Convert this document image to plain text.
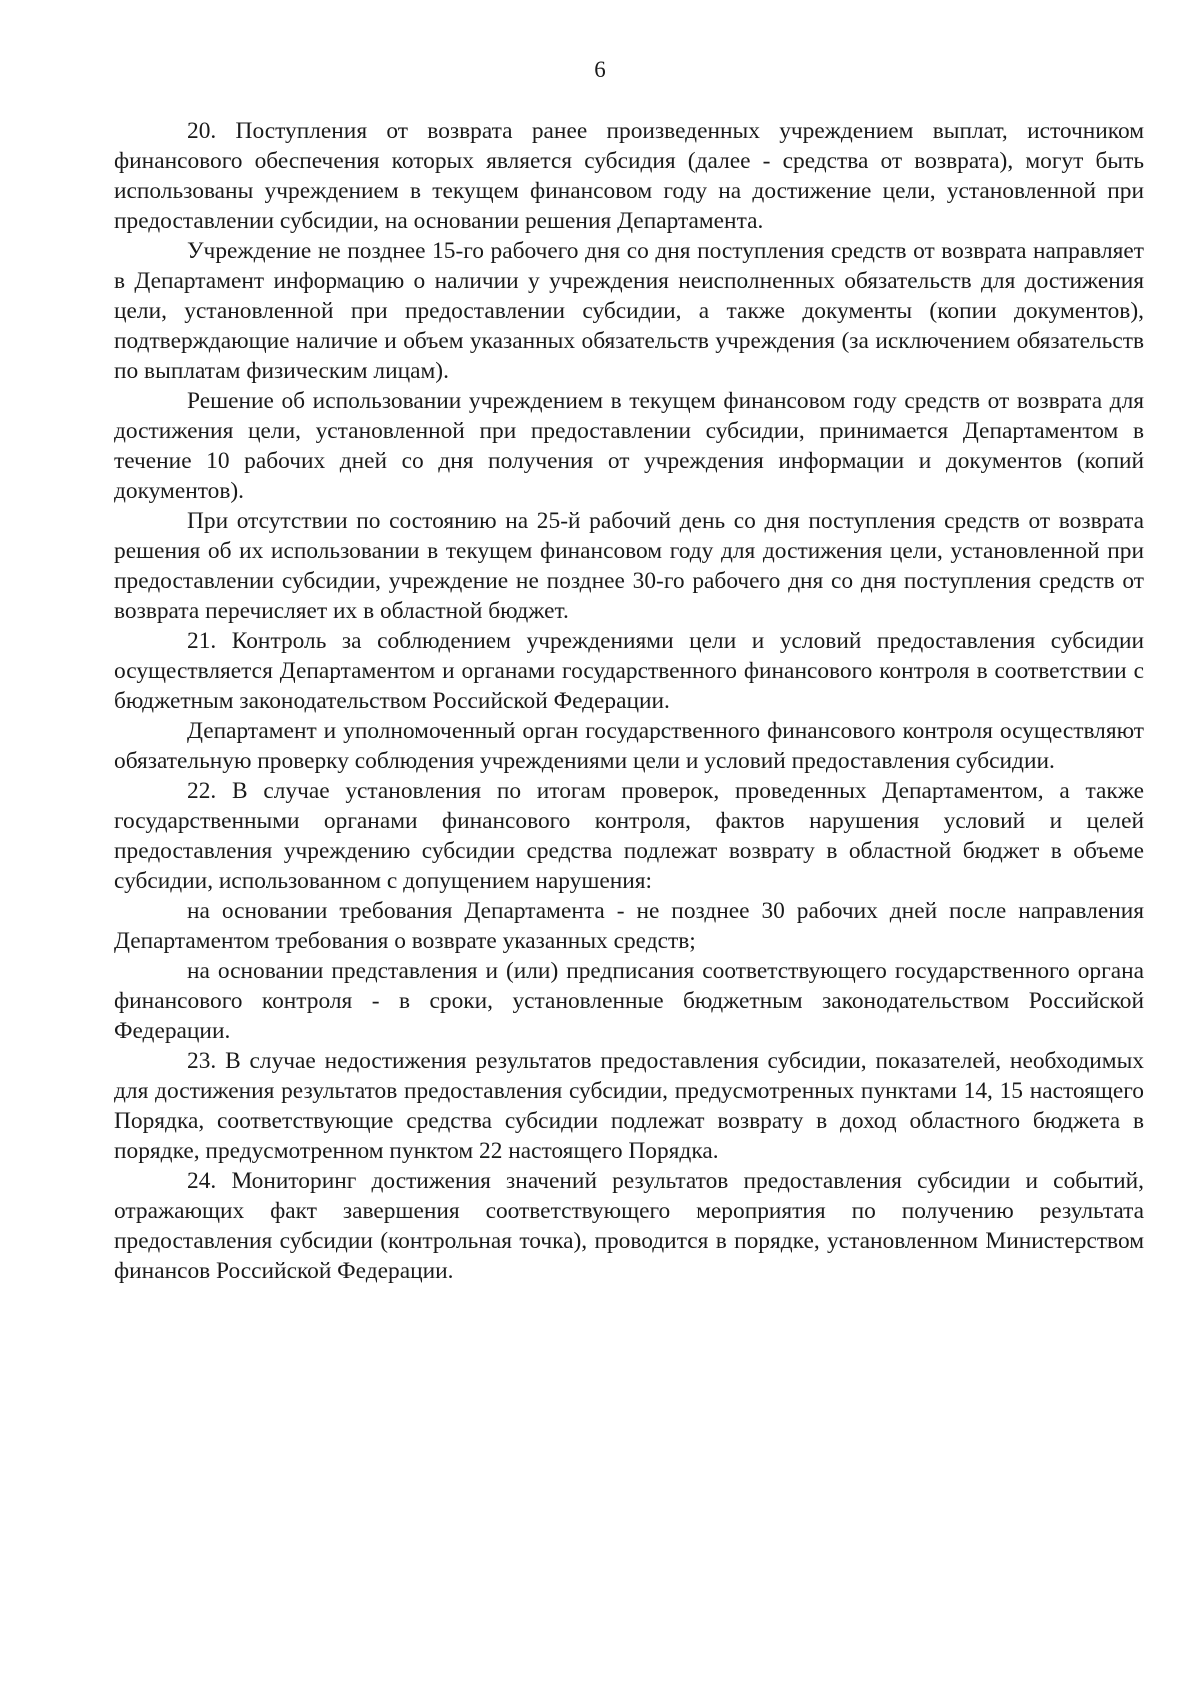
6

20. Поступления от возврата ранее произведенных учреждением выплат, источником финансового обеспечения которых является субсидия (далее - средства от возврата), могут быть использованы учреждением в текущем финансовом году на достижение цели, установленной при предоставлении субсидии, на основании решения Департамента.

Учреждение не позднее 15-го рабочего дня со дня поступления средств от возврата направляет в Департамент информацию о наличии у учреждения неисполненных обязательств для достижения цели, установленной при предоставлении субсидии, а также документы (копии документов), подтверждающие наличие и объем указанных обязательств учреждения (за исключением обязательств по выплатам физическим лицам).

Решение об использовании учреждением в текущем финансовом году средств от возврата для достижения цели, установленной при предоставлении субсидии, принимается Департаментом в течение 10 рабочих дней со дня получения от учреждения информации и документов (копий документов).

При отсутствии по состоянию на 25-й рабочий день со дня поступления средств от возврата решения об их использовании в текущем финансовом году для достижения цели, установленной при предоставлении субсидии, учреждение не позднее 30-го рабочего дня со дня поступления средств от возврата перечисляет их в областной бюджет.

21. Контроль за соблюдением учреждениями цели и условий предоставления субсидии осуществляется Департаментом и органами государственного финансового контроля в соответствии с бюджетным законодательством Российской Федерации.

Департамент и уполномоченный орган государственного финансового контроля осуществляют обязательную проверку соблюдения учреждениями цели и условий предоставления субсидии.

22. В случае установления по итогам проверок, проведенных Департаментом, а также государственными органами финансового контроля, фактов нарушения условий и целей предоставления учреждению субсидии средства подлежат возврату в областной бюджет в объеме субсидии, использованном с допущением нарушения:

на основании требования Департамента - не позднее 30 рабочих дней после направления Департаментом требования о возврате указанных средств;

на основании представления и (или) предписания соответствующего государственного органа финансового контроля - в сроки, установленные бюджетным законодательством Российской Федерации.

23. В случае недостижения результатов предоставления субсидии, показателей, необходимых для достижения результатов предоставления субсидии, предусмотренных пунктами 14, 15 настоящего Порядка, соответствующие средства субсидии подлежат возврату в доход областного бюджета в порядке, предусмотренном пунктом 22 настоящего Порядка.

24. Мониторинг достижения значений результатов предоставления субсидии и событий, отражающих факт завершения соответствующего мероприятия по получению результата предоставления субсидии (контрольная точка), проводится в порядке, установленном Министерством финансов Российской Федерации.
